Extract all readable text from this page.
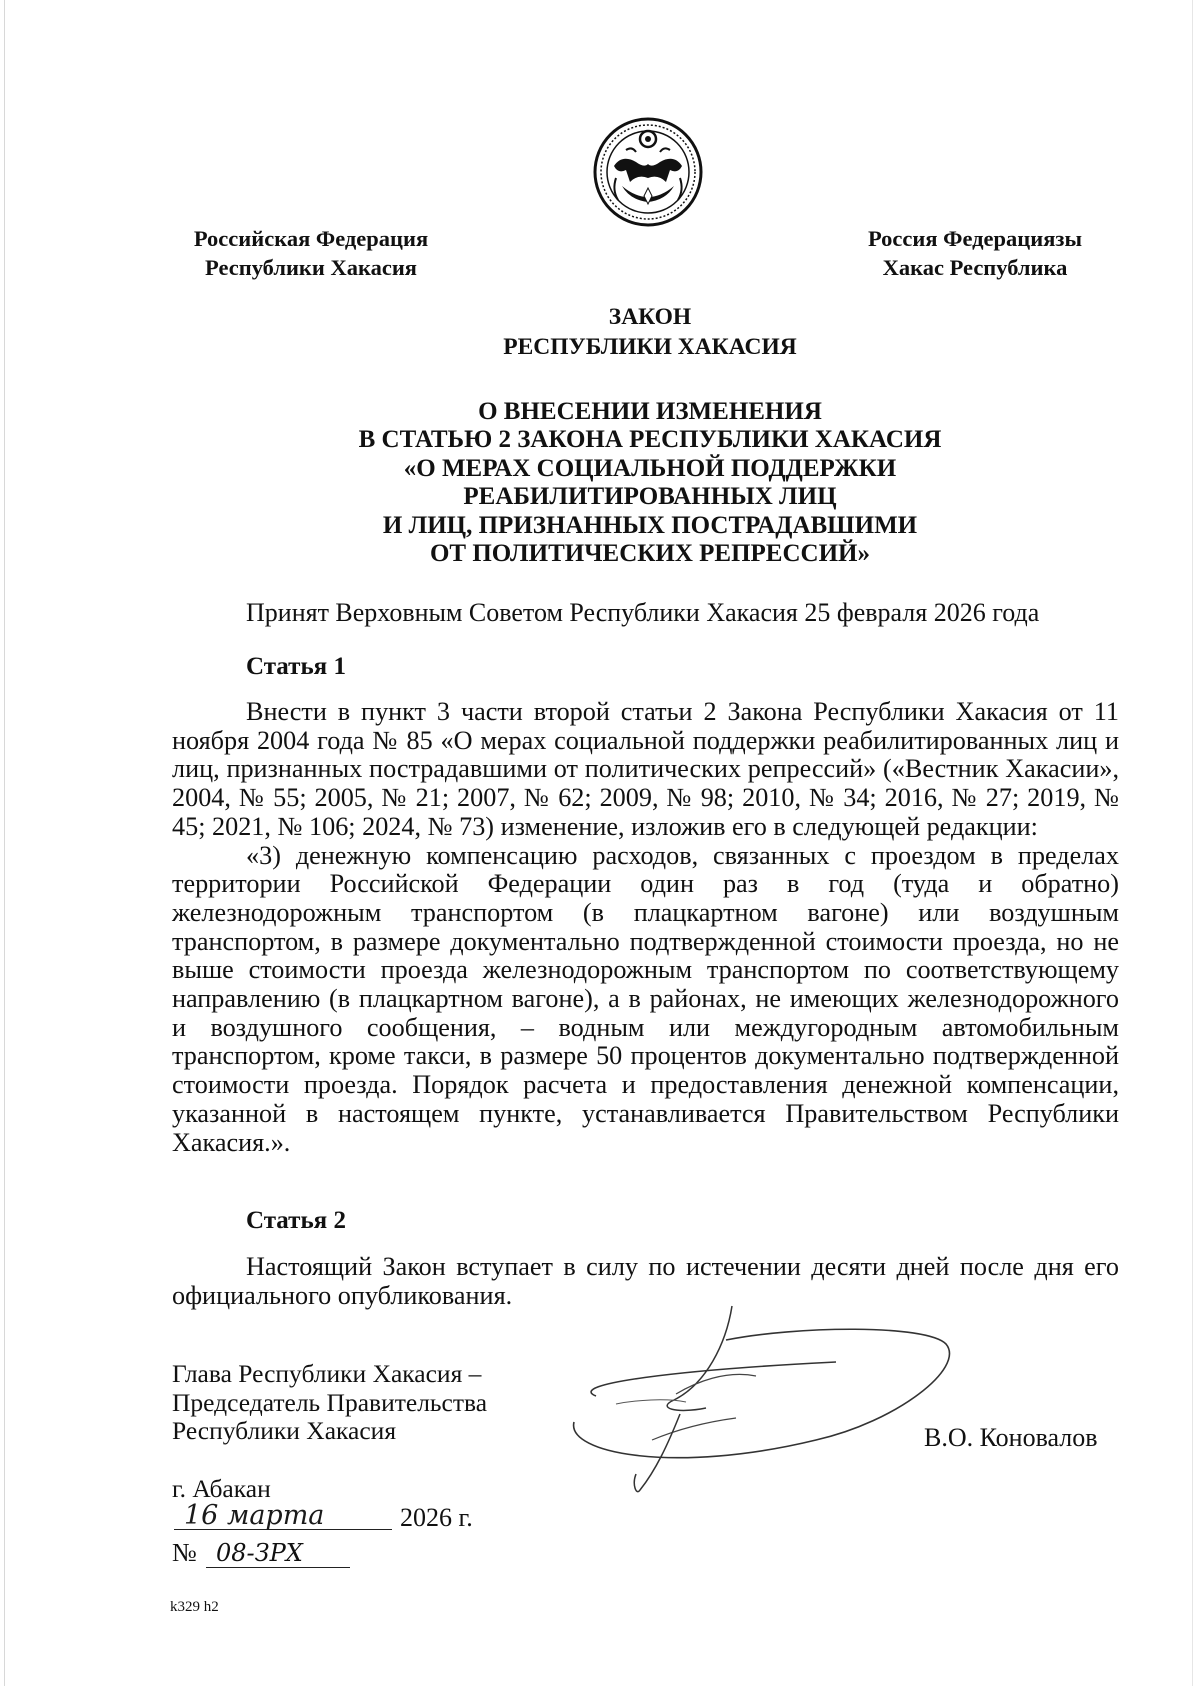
Российская Федерация
Республики Хакасия
Россия Федерациязы
Хакас Республика
ЗАКОН
РЕСПУБЛИКИ ХАКАСИЯ
О ВНЕСЕНИИ ИЗМЕНЕНИЯ
В СТАТЬЮ 2 ЗАКОНА РЕСПУБЛИКИ ХАКАСИЯ
«О МЕРАХ СОЦИАЛЬНОЙ ПОДДЕРЖКИ
РЕАБИЛИТИРОВАННЫХ ЛИЦ
И ЛИЦ, ПРИЗНАННЫХ ПОСТРАДАВШИМИ
ОТ ПОЛИТИЧЕСКИХ РЕПРЕССИЙ»
Принят Верховным Советом Республики Хакасия 25 февраля 2026 года
Статья 1

Внести в пункт 3 части второй статьи 2 Закона Республики Хакасия от 11 ноября 2004 года № 85 «О мерах социальной поддержки реабилитированных лиц и лиц, признанных пострадавшими от политических репрессий» («Вестник Хакасии», 2004, № 55; 2005, № 21; 2007, № 62; 2009, № 98; 2010, № 34; 2016, № 27; 2019, № 45; 2021, № 106; 2024, № 73) изменение, изложив его в следующей редакции:

«3) денежную компенсацию расходов, связанных с проездом в пределах территории Российской Федерации один раз в год (туда и обратно) железнодорожным транспортом (в плацкартном вагоне) или воздушным транспортом, в размере документально подтвержденной стоимости проезда, но не выше стоимости проезда железнодорожным транспортом по соответствующему направлению (в плацкартном вагоне), а в районах, не имеющих железнодорожного и воздушного сообщения, – водным или междугородным автомобильным транспортом, кроме такси, в размере 50 процентов документально подтвержденной стоимости проезда. Порядок расчета и предоставления денежной компенсации, указанной в настоящем пункте, устанавливается Правительством Республики Хакасия.».

Статья 2

Настоящий Закон вступает в силу по истечении десяти дней после дня его официального опубликования.

Глава Республики Хакасия –
Председатель Правительства
Республики Хакасия	В.О. Коновалов
г. Абакан
16 марта	2026 г.
№ 08-ЗРХ
k329 h2
